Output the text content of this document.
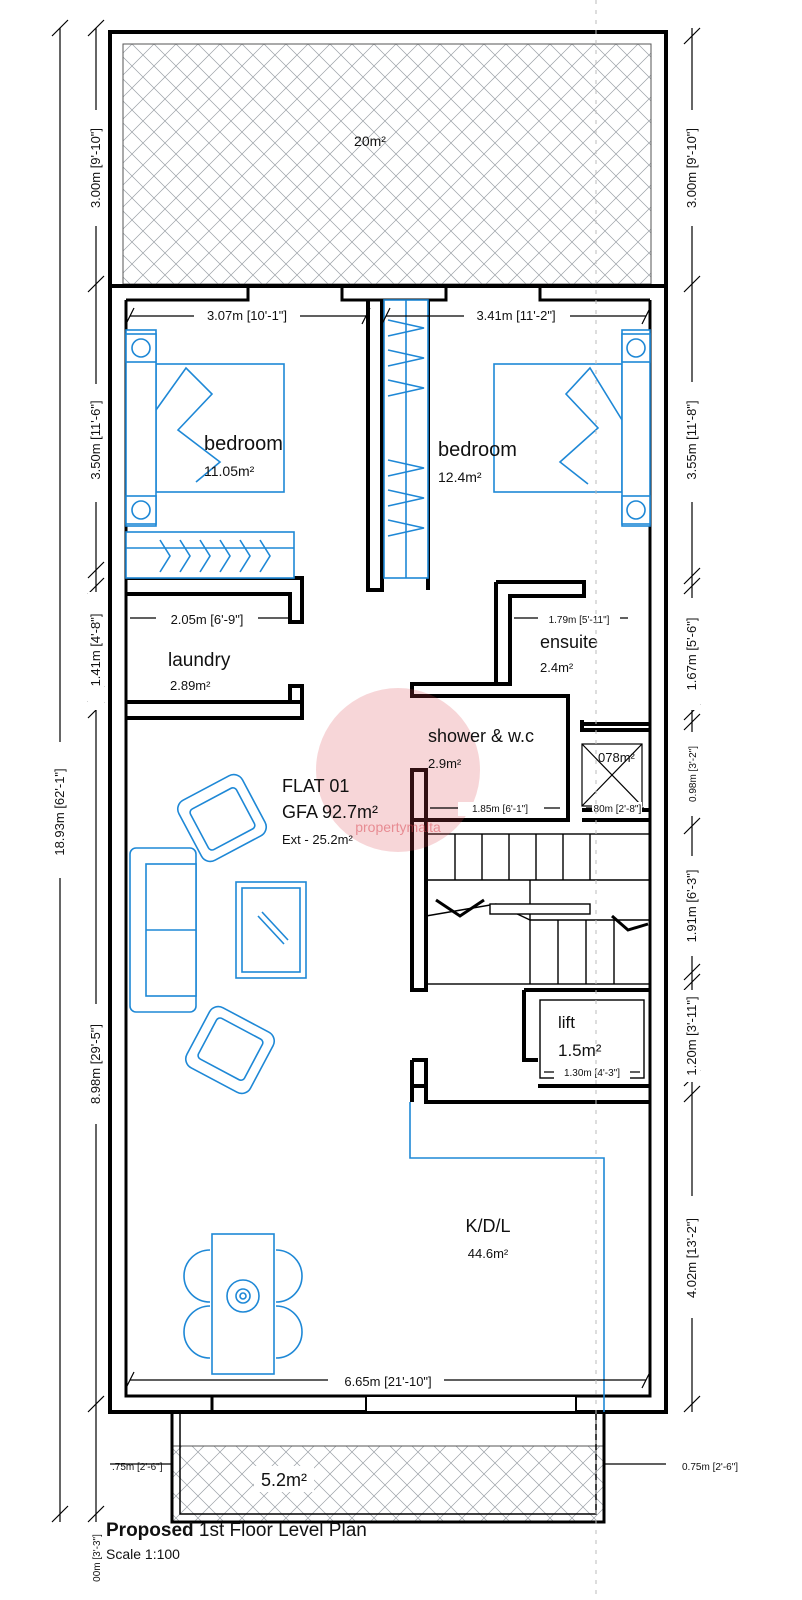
propertymalta
18.93m [62'-1"]
3.00m [9'-10"]
3.50m [11'-6"]
1.41m [4'-8"]
8.98m [29'-5"]
00m [3'-3"]
3.00m [9'-10"]
3.55m [11'-8"]
1.67m [5'-6"]
0.98m [3'-2"]
1.91m [6'-3"]
1.20m [3'-11"]
4.02m [13'-2"]
3.07m [10'-1"]	3.41m [11'-2"]
2.05m [6'-9"]	1.79m [5'-11"]
1.85m [6'-1"]	.80m [2'-8"]
1.30m [4'-3"]
6.65m [21'-10"]
.75m [2'-6"]	0.75m [2'-6"]
20m²
bedroom
11.05m²
bedroom
12.4m²
laundry
2.89m²
ensuite
2.4m²
shower & w.c
2.9m²	078m²
FLAT 01
GFA 92.7m²
Ext - 25.2m²
lift
1.5m²
K/D/L
44.6m²
5.2m²
Proposed 1st Floor Level Plan
Scale 1:100
